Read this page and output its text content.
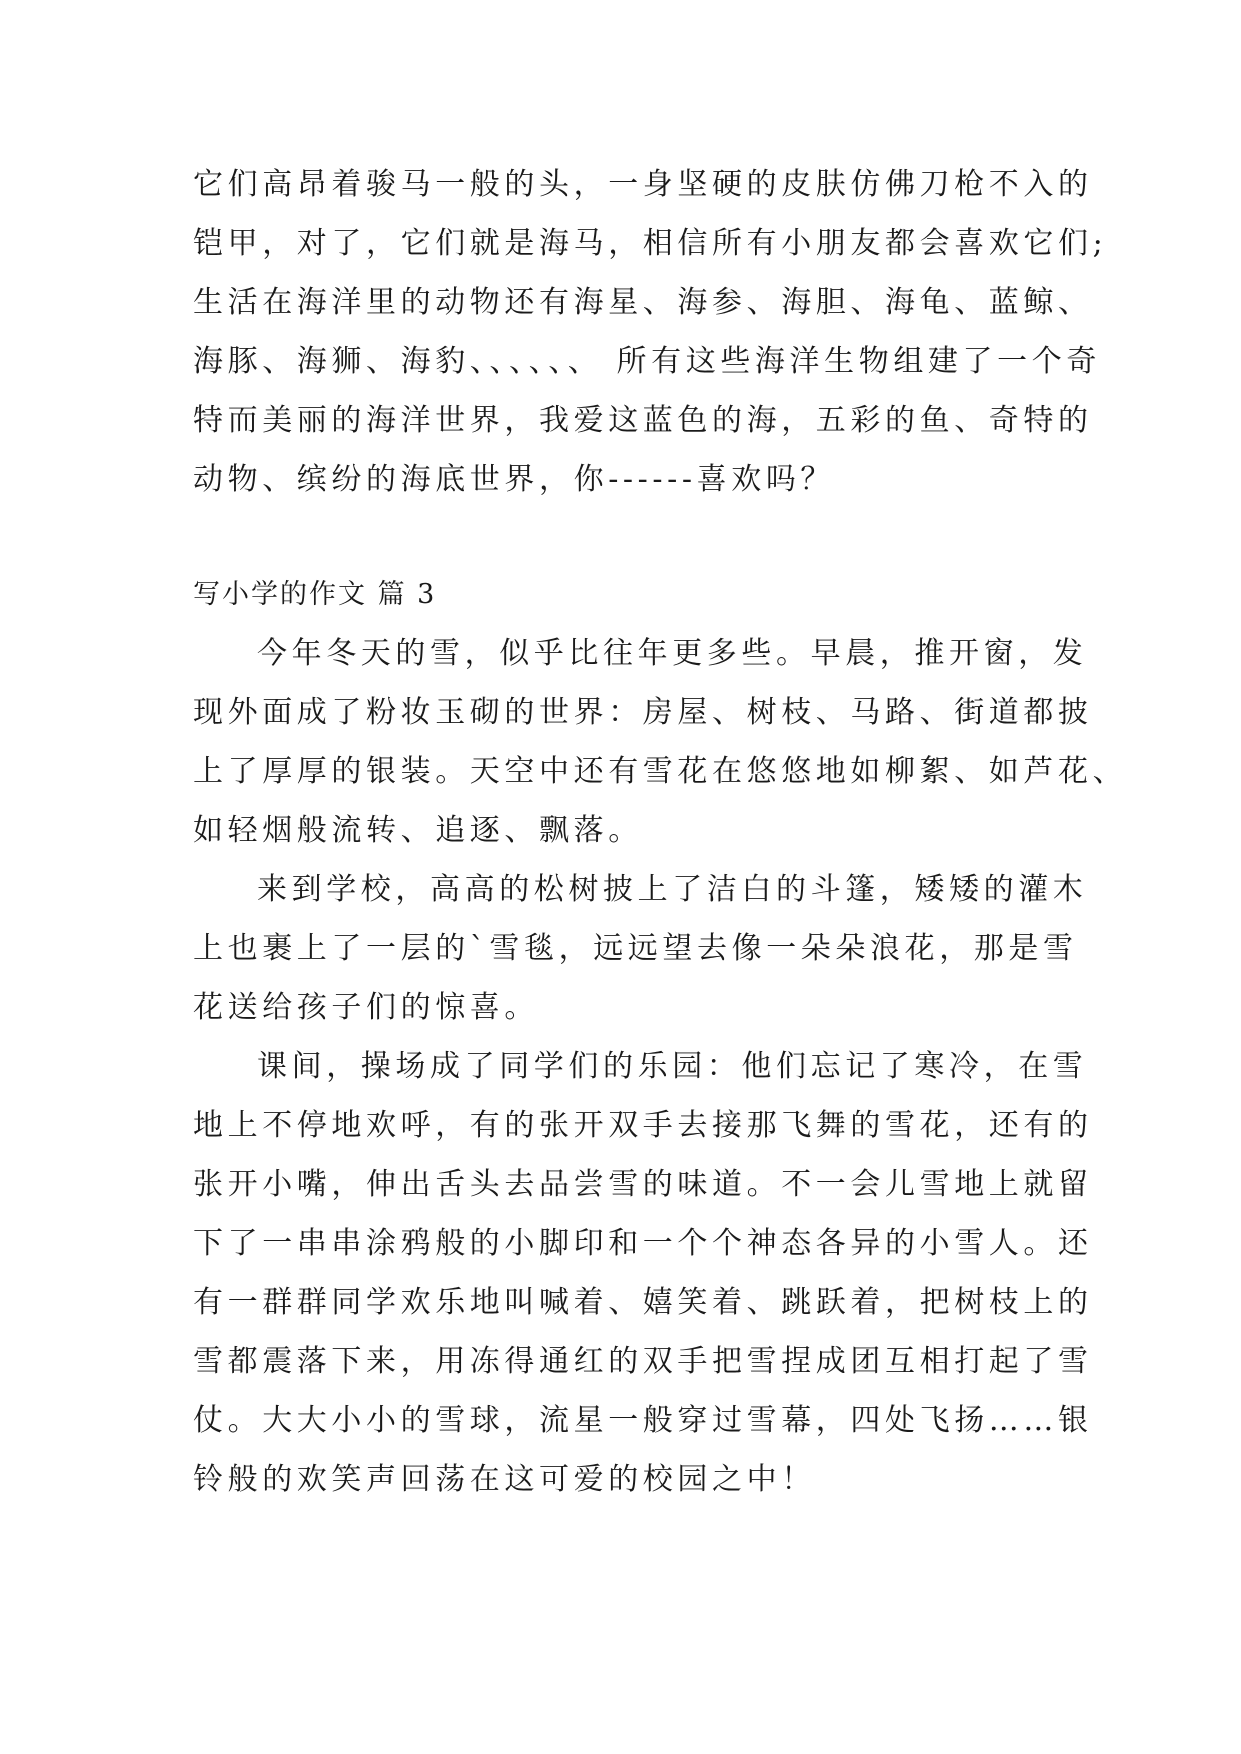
它们高昂着骏马一般的头，一身坚硬的皮肤仿佛刀枪不入的
铠甲，对了，它们就是海马，相信所有小朋友都会喜欢它们;
生活在海洋里的动物还有海星、海参、海胆、海龟、蓝鲸、
海豚、海狮、海豹、、、、、、 所有这些海洋生物组建了一个奇
特而美丽的海洋世界，我爱这蓝色的海，五彩的鱼、奇特的
动物、缤纷的海底世界，你------喜欢吗？
写小学的作文 篇 3
今年冬天的雪，似乎比往年更多些。早晨，推开窗，发
现外面成了粉妆玉砌的世界：房屋、树枝、马路、街道都披
上了厚厚的银装。天空中还有雪花在悠悠地如柳絮、如芦花、
如轻烟般流转、追逐、飘落。
来到学校，高高的松树披上了洁白的斗篷，矮矮的灌木
上也裹上了一层的`雪毯，远远望去像一朵朵浪花，那是雪
花送给孩子们的惊喜。
课间，操场成了同学们的乐园：他们忘记了寒冷，在雪
地上不停地欢呼，有的张开双手去接那飞舞的雪花，还有的
张开小嘴，伸出舌头去品尝雪的味道。不一会儿雪地上就留
下了一串串涂鸦般的小脚印和一个个神态各异的小雪人。还
有一群群同学欢乐地叫喊着、嬉笑着、跳跃着，把树枝上的
雪都震落下来，用冻得通红的双手把雪捏成团互相打起了雪
仗。大大小小的雪球，流星一般穿过雪幕，四处飞扬……银
铃般的欢笑声回荡在这可爱的校园之中！
